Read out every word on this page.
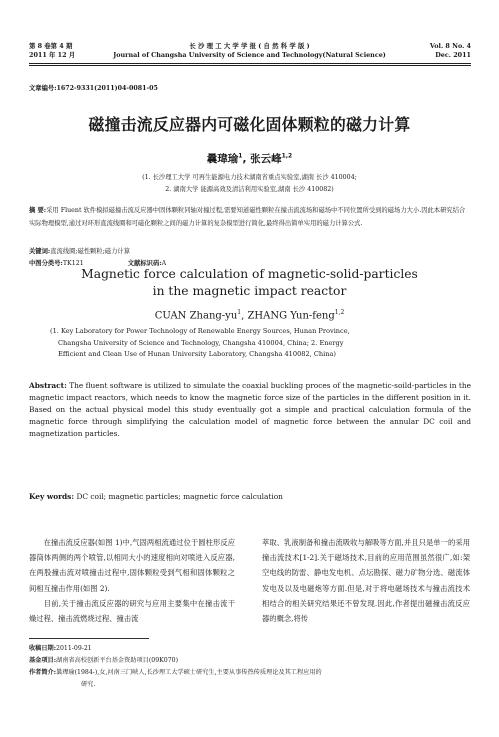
第 8 卷第 4 期
2011 年 12 月
长 沙 理 工 大 学 学 报 ( 自 然 科 学 版 )
Journal of Changsha University of Science and Technology(Natural Science)
Vol. 8 No. 4
Dec. 2011
文章编号:1672-9331(2011)04-0081-05
磁撞击流反应器内可磁化固体颗粒的磁力计算
曩瑋瑜$^1$, 张云峰$^{1,2}$
(1. 长沙理工大学 可再生能源电力技术湖南省重点实验室,湖南 长沙 410004;
2. 湖南大学 能源高效及清洁利用实验室,湖南 长沙 410082)
摘 要:采用 Fluent 软件模拟磁撞击流反应器中固体颗粒同轴对撞过程,需要知道磁性颗粒在撞击流流场和磁场中不同位置所受到的磁场力大小.因此本研究结合实际物理模型,通过对环形直流线圈和可磁化颗粒之间的磁力计算的复杂模型进行简化,最终得出简单实用的磁力计算公式.
关键词:直流线圈;磁性颗粒;磁力计算
中图分类号:TK121	文献标识码:A
Magnetic force calculation of magnetic-solid-particles
in the magnetic impact reactor
CUAN Zhang-$yu^1$, ZHANG Yun-feng$^{1,2}$
(1. Key Laboratory for Power Technology of Renewable Energy Sources, Hunan Province,
Changsha University of Science and Technology, Changsha 410004, China; 2. Energy
Efficient and Clean Use of Hunan University Laboratory, Changsha 410082, China)
Abstract: The fluent software is utilized to simulate the coaxial buckling proces of the magnetic-soild-particles in the magnetic impact reactors, which needs to know the magnetic force size of the particles in the different position in it. Based on the actual physical model this study eventually got a simple and practical calculation formula of the magnetic force through simplifying the calculation model of magnetic force between the annular DC coil and magnetization particles.
Key words: DC coil; magnetic particles; magnetic force calculation
在撞击流反应器(如图 1)中,气固两相流通过位于圆柱形反应器筒体两侧的两个喷管,以相同大小的速度相向对喷进入反应器,在两股撞击流对喷撞击过程中,固体颗粒受到气相和固体颗粒之间相互撞击作用(如图 2).
目前,关于撞击流反应器的研究与应用主要集中在撞击流干燥过程、撞击流燃烧过程、撞击流
萃取、乳液制备和撞击流吸收与解吸等方面,并且只是单一的采用撞击流技术[1-2].关于磁场技术,目前的应用范围虽然很广,如:架空电线的防雷、静电发电机、点坛勘探、磁力矿物分选、磁流体发电及以及电磁炮等方面.但是,对于将电磁场技术与撞击流技术相结合的相关研究结果还不曾发现.因此,作者提出磁撞击流反应器的概念,将传
收稿日期:2011-09-21
基金项目:湖南省高校创新平台基金资助项目(09K070)
作者简介:曩瑋瑜(1984-),女,河南三门峡人,长沙理工大学硕士研究生,主要从事传热传质理论及其工程应用的
研究.
